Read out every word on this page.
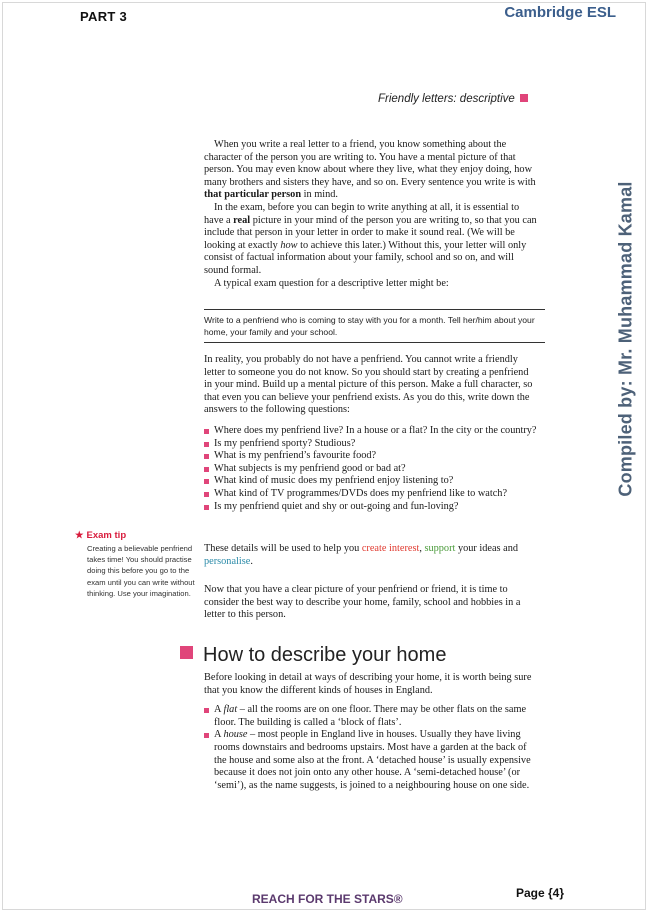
PART 3	Cambridge ESL
Friendly letters: descriptive
Compiled by: Mr. Muhammad Kamal

When you write a real letter to a friend, you know something about the character of the person you are writing to. You have a mental picture of that person. You may even know about where they live, what they enjoy doing, how many brothers and sisters they have, and so on. Every sentence you write is with that particular person in mind.

In the exam, before you can begin to write anything at all, it is essential to have a real picture in your mind of the person you are writing to, so that you can include that person in your letter in order to make it sound real. (We will be looking at exactly how to achieve this later.) Without this, your letter will only consist of factual information about your family, school and so on, and will sound formal.

A typical exam question for a descriptive letter might be:

Write to a penfriend who is coming to stay with you for a month. Tell her/him about your home, your family and your school.

In reality, you probably do not have a penfriend. You cannot write a friendly letter to someone you do not know. So you should start by creating a penfriend in your mind. Build up a mental picture of this person. Make a full character, so that even you can believe your penfriend exists. As you do this, write down the answers to the following questions:

Where does my penfriend live? In a house or a flat? In the city or the country?
Is my penfriend sporty? Studious?
What is my penfriend’s favourite food?
What subjects is my penfriend good or bad at?
What kind of music does my penfriend enjoy listening to?
What kind of TV programmes/DVDs does my penfriend like to watch?
Is my penfriend quiet and shy or out-going and fun-loving?
★ Exam tip
Creating a believable penfriend takes time! You should practise doing this before you go to the exam until you can write without thinking. Use your imagination.

These details will be used to help you create interest, support your ideas and personalise.

Now that you have a clear picture of your penfriend or friend, it is time to consider the best way to describe your home, family, school and hobbies in a letter to this person.

How to describe your home

Before looking in detail at ways of describing your home, it is worth being sure that you know the different kinds of houses in England.

A flat – all the rooms are on one floor. There may be other flats on the same floor. The building is called a ‘block of flats’.
A house – most people in England live in houses. Usually they have living rooms downstairs and bedrooms upstairs. Most have a garden at the back of the house and some also at the front. A ‘detached house’ is usually expensive because it does not join onto any other house. A ‘semi-detached house’ (or ‘semi’), as the name suggests, is joined to a neighbouring house on one side.
REACH FOR THE STARS®	Page {4}
